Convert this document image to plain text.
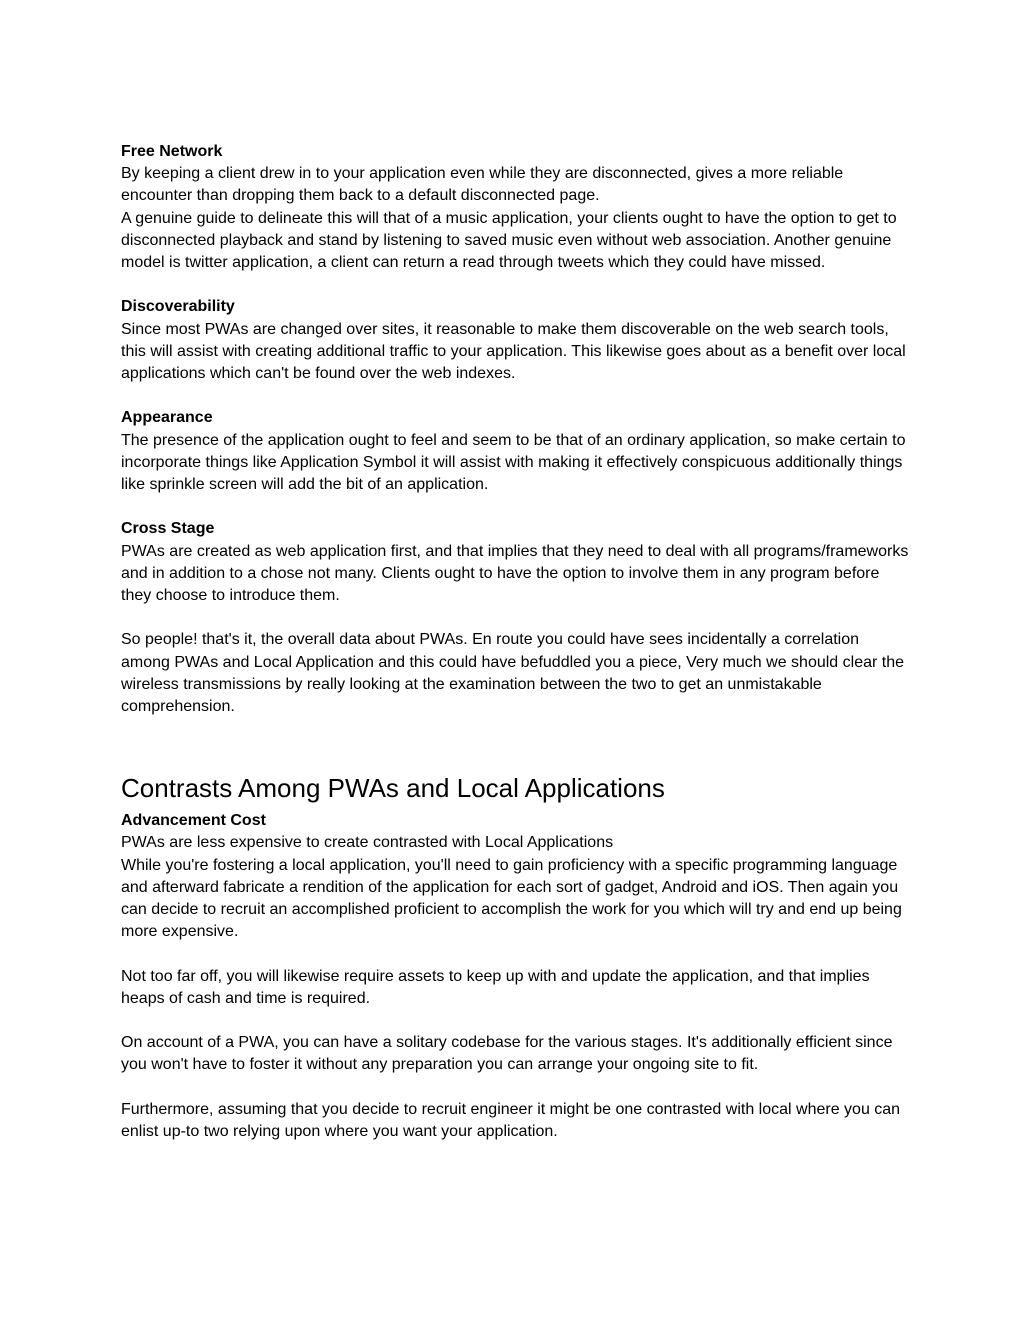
Free Network

By keeping a client drew in to your application even while they are disconnected, gives a more reliable encounter than dropping them back to a default disconnected page.

A genuine guide to delineate this will that of a music application, your clients ought to have the option to get to disconnected playback and stand by listening to saved music even without web association. Another genuine model is twitter application, a client can return a read through tweets which they could have missed.

Discoverability

Since most PWAs are changed over sites, it reasonable to make them discoverable on the web search tools, this will assist with creating additional traffic to your application. This likewise goes about as a benefit over local applications which can't be found over the web indexes.

Appearance

The presence of the application ought to feel and seem to be that of an ordinary application, so make certain to incorporate things like Application Symbol it will assist with making it effectively conspicuous additionally things like sprinkle screen will add the bit of an application.

Cross Stage

PWAs are created as web application first, and that implies that they need to deal with all programs/frameworks and in addition to a chose not many. Clients ought to have the option to involve them in any program before they choose to introduce them.

So people! that's it, the overall data about PWAs. En route you could have sees incidentally a correlation among PWAs and Local Application and this could have befuddled you a piece, Very much we should clear the wireless transmissions by really looking at the examination between the two to get an unmistakable comprehension.

Contrasts Among PWAs and Local Applications

Advancement Cost

PWAs are less expensive to create contrasted with Local Applications

While you're fostering a local application, you'll need to gain proficiency with a specific programming language and afterward fabricate a rendition of the application for each sort of gadget, Android and iOS. Then again you can decide to recruit an accomplished proficient to accomplish the work for you which will try and end up being more expensive.

Not too far off, you will likewise require assets to keep up with and update the application, and that implies heaps of cash and time is required.

On account of a PWA, you can have a solitary codebase for the various stages. It's additionally efficient since you won't have to foster it without any preparation you can arrange your ongoing site to fit.

Furthermore, assuming that you decide to recruit engineer it might be one contrasted with local where you can enlist up-to two relying upon where you want your application.
